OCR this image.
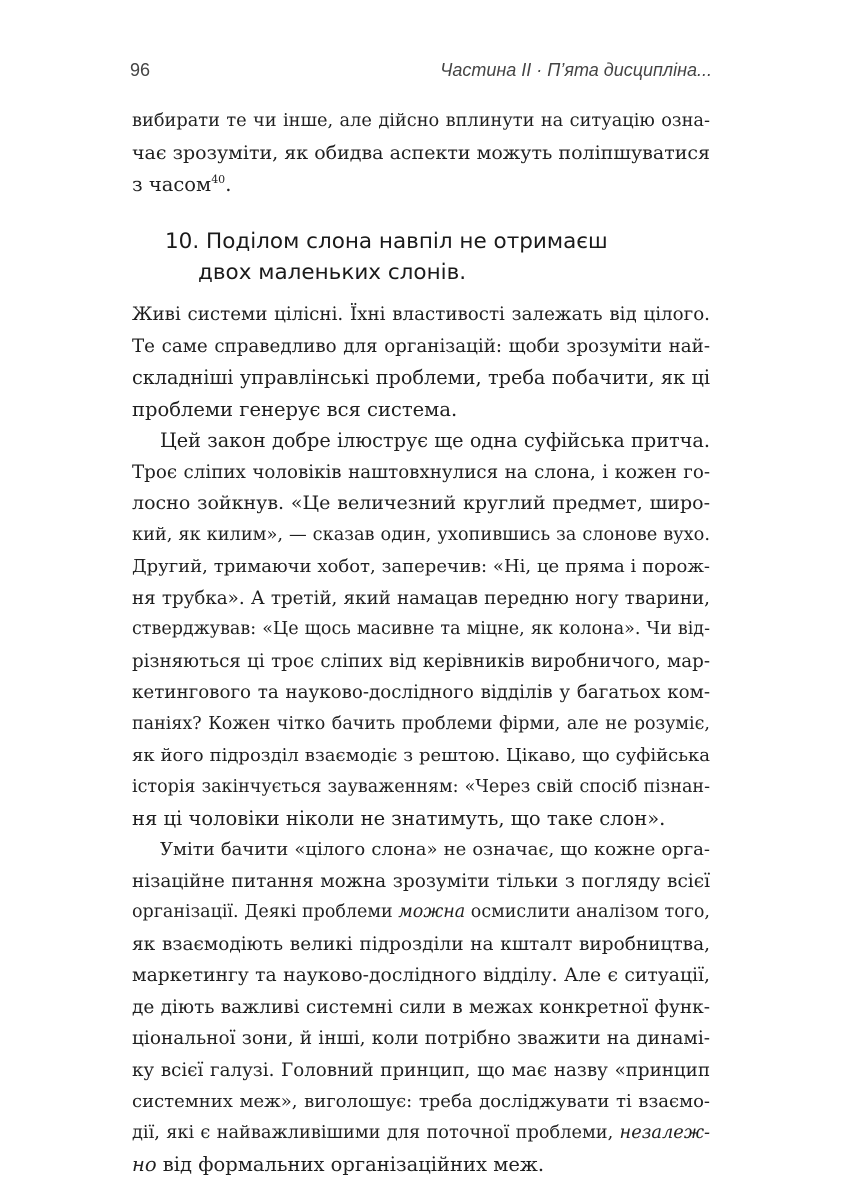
96	Частина II · П’ята дисципліна...
вибирати те чи інше, але дійсно вплинути на ситуацію озна-
чає зрозуміти, як обидва аспекти можуть поліпшуватися
з часом$^{40}$.
10. Поділом слона навпіл не отримаєш
двох маленьких слонів.
Живі системи цілісні. Їхні властивості залежать від цілого.
Те саме справедливо для організацій: щоби зрозуміти най-
складніші управлінські проблеми, треба побачити, як ці
проблеми генерує вся система.
Цей закон добре ілюструє ще одна суфійська притча.
Троє сліпих чоловіків наштовхнулися на слона, і кожен го-
лосно зойкнув. «Це величезний круглий предмет, широ-
кий, як килим», — сказав один, ухопившись за слонове вухо.
Другий, тримаючи хобот, заперечив: «Ні, це пряма і порож-
ня трубка». А третій, який намацав передню ногу тварини,
стверджував: «Це щось масивне та міцне, як колона». Чи від-
різняються ці троє сліпих від керівників виробничого, мар-
кетингового та науково-дослідного відділів у багатьох ком-
паніях? Кожен чітко бачить проблеми фірми, але не розуміє,
як його підрозділ взаємодіє з рештою. Цікаво, що суфійська
історія закінчується зауваженням: «Через свій спосіб пізнан-
ня ці чоловіки ніколи не знатимуть, що таке слон».
Уміти бачити «цілого слона» не означає, що кожне орга-
нізаційне питання можна зрозуміти тільки з погляду всієї
організації. Деякі проблеми можна осмислити аналізом того,
як взаємодіють великі підрозділи на кшталт виробництва,
маркетингу та науково-дослідного відділу. Але є ситуації,
де діють важливі системні сили в межах конкретної функ-
ціональної зони, й інші, коли потрібно зважити на динамі-
ку всієї галузі. Головний принцип, що має назву «принцип
системних меж», виголошує: треба досліджувати ті взаємо-
дії, які є найважливішими для поточної проблеми, незалеж-
но від формальних організаційних меж.
